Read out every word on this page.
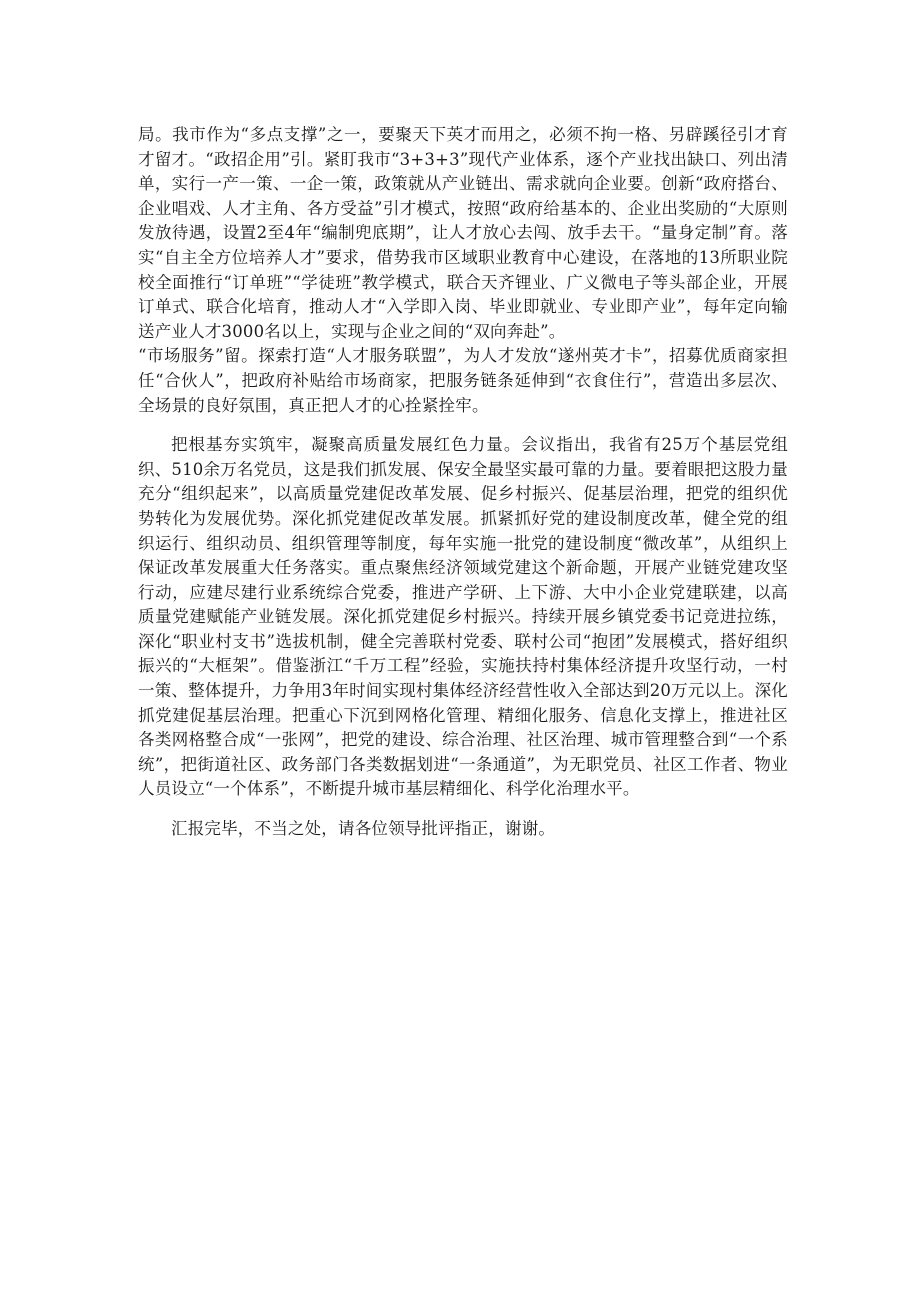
局。我市作为“多点支撑”之一，要聚天下英才而用之，必须不拘一格、另辟蹊径引才育才留才。“政招企用”引。紧盯我市“3+3+3”现代产业体系，逐个产业找出缺口、列出清单，实行一产一策、一企一策，政策就从产业链出、需求就向企业要。创新“政府搭台、企业唱戏、人才主角、各方受益”引才模式，按照“政府给基本的、企业出奖励的“大原则发放待遇，设置2至4年“编制兜底期”，让人才放心去闯、放手去干。“量身定制”育。落实“自主全方位培养人才”要求，借势我市区域职业教育中心建设，在落地的13所职业院校全面推行“订单班”“学徒班”教学模式，联合天齐锂业、广义微电子等头部企业，开展订单式、联合化培育，推动人才“入学即入岗、毕业即就业、专业即产业”，每年定向输送产业人才3000名以上，实现与企业之间的“双向奔赴”。

“市场服务”留。探索打造“人才服务联盟”，为人才发放“遂州英才卡”，招募优质商家担任“合伙人”，把政府补贴给市场商家，把服务链条延伸到“衣食住行”，营造出多层次、全场景的良好氛围，真正把人才的心拴紧拴牢。

把根基夯实筑牢，凝聚高质量发展红色力量。会议指出，我省有25万个基层党组织、510余万名党员，这是我们抓发展、保安全最坚实最可靠的力量。要着眼把这股力量充分“组织起来”，以高质量党建促改革发展、促乡村振兴、促基层治理，把党的组织优势转化为发展优势。深化抓党建促改革发展。抓紧抓好党的建设制度改革，健全党的组织运行、组织动员、组织管理等制度，每年实施一批党的建设制度“微改革”，从组织上保证改革发展重大任务落实。重点聚焦经济领域党建这个新命题，开展产业链党建攻坚行动，应建尽建行业系统综合党委，推进产学研、上下游、大中小企业党建联建，以高质量党建赋能产业链发展。深化抓党建促乡村振兴。持续开展乡镇党委书记竞进拉练，深化“职业村支书”选拔机制，健全完善联村党委、联村公司“抱团”发展模式，搭好组织振兴的“大框架”。借鉴浙江“千万工程”经验，实施扶持村集体经济提升攻坚行动，一村一策、整体提升，力争用3年时间实现村集体经济经营性收入全部达到20万元以上。深化抓党建促基层治理。把重心下沉到网格化管理、精细化服务、信息化支撑上，推进社区各类网格整合成“一张网”，把党的建设、综合治理、社区治理、城市管理整合到“一个系统”，把街道社区、政务部门各类数据划进“一条通道”，为无职党员、社区工作者、物业人员设立“一个体系”，不断提升城市基层精细化、科学化治理水平。

汇报完毕，不当之处，请各位领导批评指正，谢谢。
